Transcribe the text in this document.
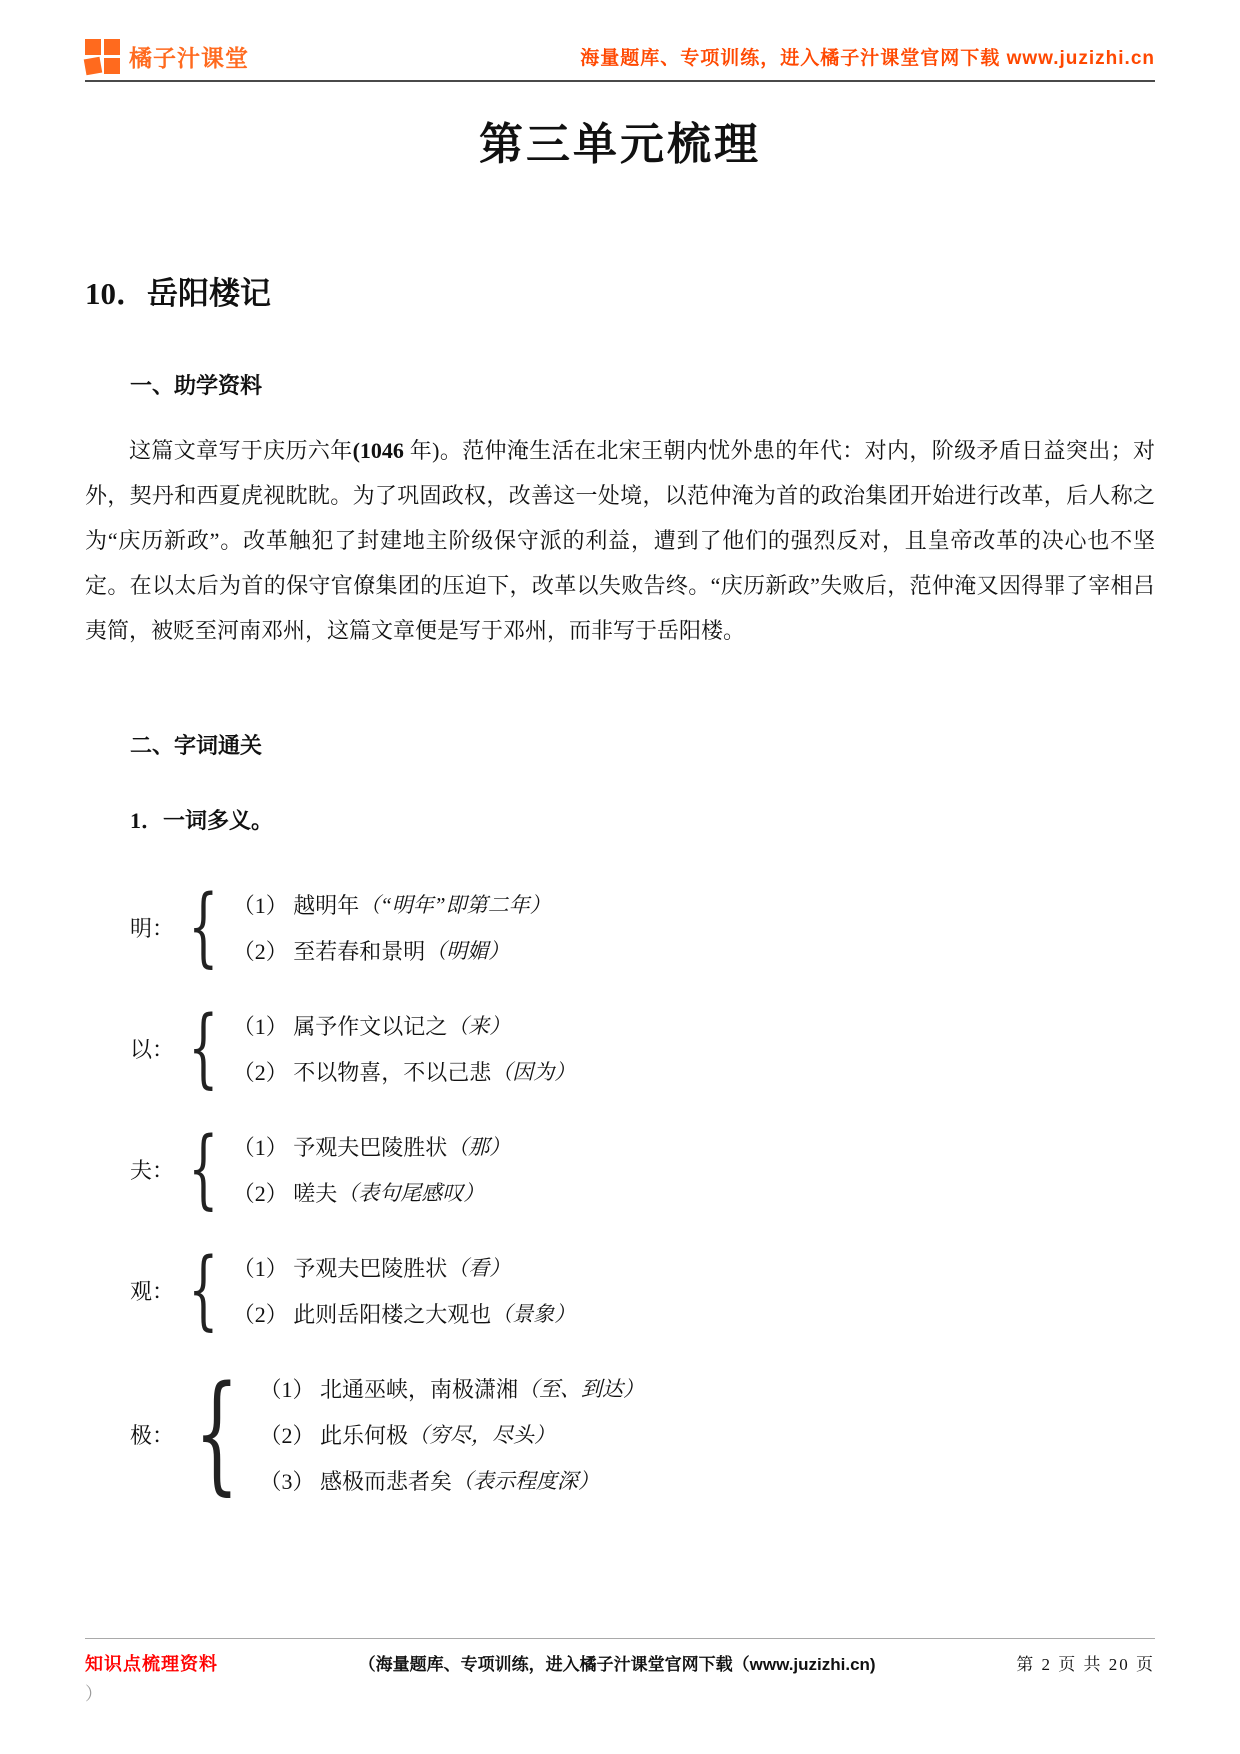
橘子汁课堂	海量题库、专项训练，进入橘子汁课堂官网下载 www.juzizhi.cn
第三单元梳理
10．岳阳楼记
一、助学资料

这篇文章写于庆历六年(1046 年)。范仲淹生活在北宋王朝内忧外患的年代：对内，阶级矛盾日益突出；对外，契丹和西夏虎视眈眈。为了巩固政权，改善这一处境，以范仲淹为首的政治集团开始进行改革，后人称之为“庆历新政”。改革触犯了封建地主阶级保守派的利益，遭到了他们的强烈反对，且皇帝改革的决心也不坚定。在以太后为首的保守官僚集团的压迫下，改革以失败告终。“庆历新政”失败后，范仲淹又因得罪了宰相吕夷简，被贬至河南邓州，这篇文章便是写于邓州，而非写于岳阳楼。

二、字词通关
1．一词多义。
明： { （1） 越明年 （“明年”即第二年）
（2） 至若春和景明 （明媚）
以： { （1） 属予作文以记之 （来）
（2） 不以物喜，不以己悲 （因为）
夫： { （1） 予观夫巴陵胜状 （那）
（2） 嗟夫 （表句尾感叹）
观： { （1） 予观夫巴陵胜状 （看）
（2） 此则岳阳楼之大观也 （景象）
极： { （1） 北通巫峡，南极潇湘 （至、到达）
（2） 此乐何极 （穷尽，尽头）
（3） 感极而悲者矣 （表示程度深）
知识点梳理资料	（海量题库、专项训练，进入橘子汁课堂官网下载（www.juzizhi.cn)	第 2 页 共 20 页
）
